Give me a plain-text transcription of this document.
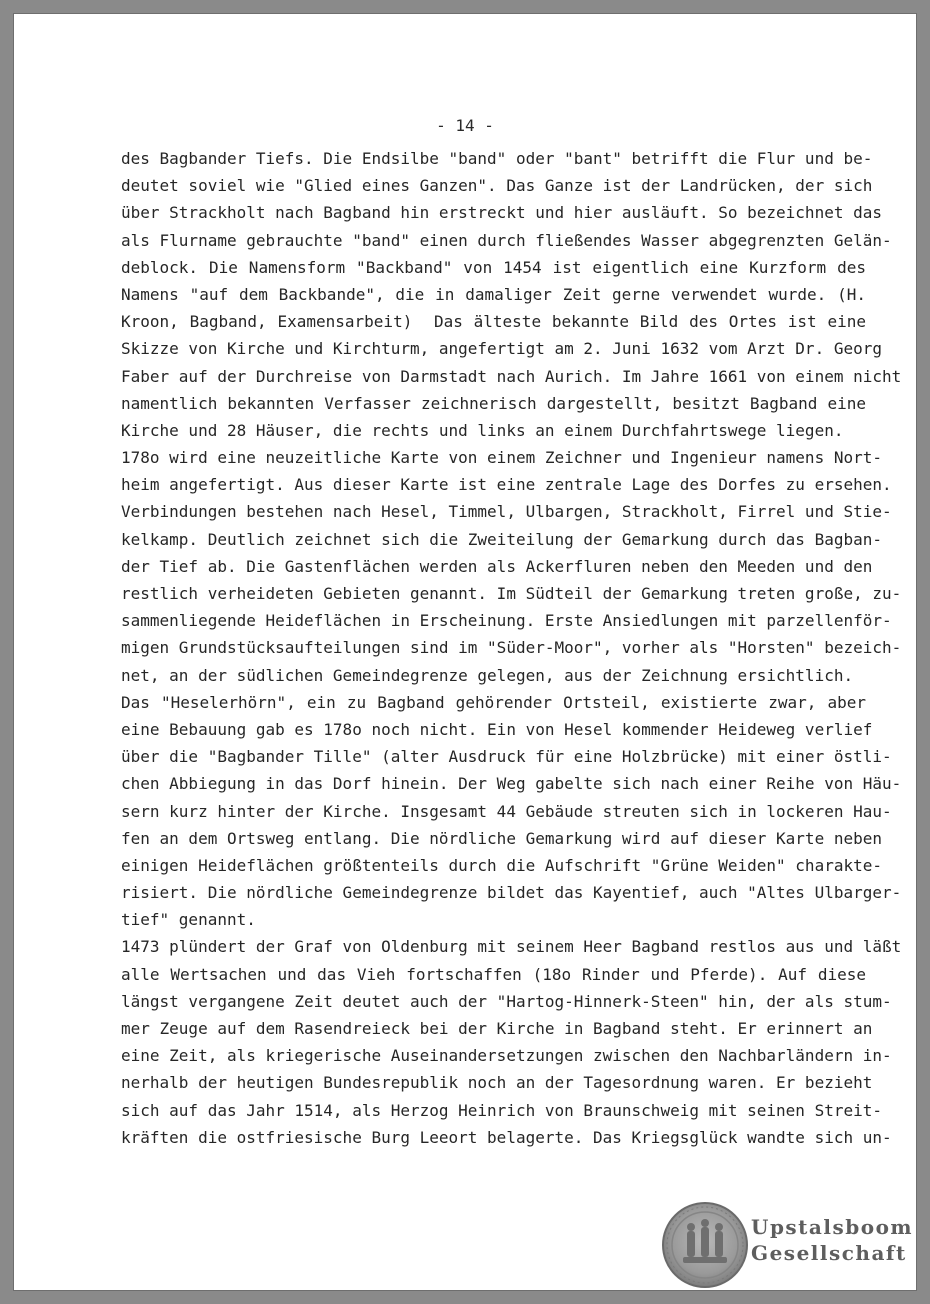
- 14 -
des Bagbander Tiefs. Die Endsilbe "band" oder "bant" betrifft die Flur und be-
deutet soviel wie "Glied eines Ganzen". Das Ganze ist der Landrücken, der sich
über Strackholt nach Bagband hin erstreckt und hier ausläuft. So bezeichnet das
als Flurname gebrauchte "band" einen durch fließendes Wasser abgegrenzten Gelän-
deblock. Die Namensform "Backband" von 1454 ist eigentlich eine Kurzform des
Namens "auf dem Backbande", die in damaliger Zeit gerne verwendet wurde. (H.
Kroon, Bagband, Examensarbeit)  Das älteste bekannte Bild des Ortes ist eine
Skizze von Kirche und Kirchturm, angefertigt am 2. Juni 1632 vom Arzt Dr. Georg
Faber auf der Durchreise von Darmstadt nach Aurich. Im Jahre 1661 von einem nicht
namentlich bekannten Verfasser zeichnerisch dargestellt, besitzt Bagband eine
Kirche und 28 Häuser, die rechts und links an einem Durchfahrtswege liegen.
178o wird eine neuzeitliche Karte von einem Zeichner und Ingenieur namens Nort-
heim angefertigt. Aus dieser Karte ist eine zentrale Lage des Dorfes zu ersehen.
Verbindungen bestehen nach Hesel, Timmel, Ulbargen, Strackholt, Firrel und Stie-
kelkamp. Deutlich zeichnet sich die Zweiteilung der Gemarkung durch das Bagban-
der Tief ab. Die Gastenflächen werden als Ackerfluren neben den Meeden und den
restlich verheideten Gebieten genannt. Im Südteil der Gemarkung treten große, zu-
sammenliegende Heideflächen in Erscheinung. Erste Ansiedlungen mit parzellenför-
migen Grundstücksaufteilungen sind im "Süder-Moor", vorher als "Horsten" bezeich-
net, an der südlichen Gemeindegrenze gelegen, aus der Zeichnung ersichtlich.
Das "Heselerhörn", ein zu Bagband gehörender Ortsteil, existierte zwar, aber
eine Bebauung gab es 178o noch nicht. Ein von Hesel kommender Heideweg verlief
über die "Bagbander Tille" (alter Ausdruck für eine Holzbrücke) mit einer östli-
chen Abbiegung in das Dorf hinein. Der Weg gabelte sich nach einer Reihe von Häu-
sern kurz hinter der Kirche. Insgesamt 44 Gebäude streuten sich in lockeren Hau-
fen an dem Ortsweg entlang. Die nördliche Gemarkung wird auf dieser Karte neben
einigen Heideflächen größtenteils durch die Aufschrift "Grüne Weiden" charakte-
risiert. Die nördliche Gemeindegrenze bildet das Kayentief, auch "Altes Ulbarger-
tief" genannt.
1473 plündert der Graf von Oldenburg mit seinem Heer Bagband restlos aus und läßt
alle Wertsachen und das Vieh fortschaffen (18o Rinder und Pferde). Auf diese
längst vergangene Zeit deutet auch der "Hartog-Hinnerk-Steen" hin, der als stum-
mer Zeuge auf dem Rasendreieck bei der Kirche in Bagband steht. Er erinnert an
eine Zeit, als kriegerische Auseinandersetzungen zwischen den Nachbarländern in-
nerhalb der heutigen Bundesrepublik noch an der Tagesordnung waren. Er bezieht
sich auf das Jahr 1514, als Herzog Heinrich von Braunschweig mit seinen Streit-
kräften die ostfriesische Burg Leeort belagerte. Das Kriegsglück wandte sich un-
Upstalsboom
Gesellschaft
